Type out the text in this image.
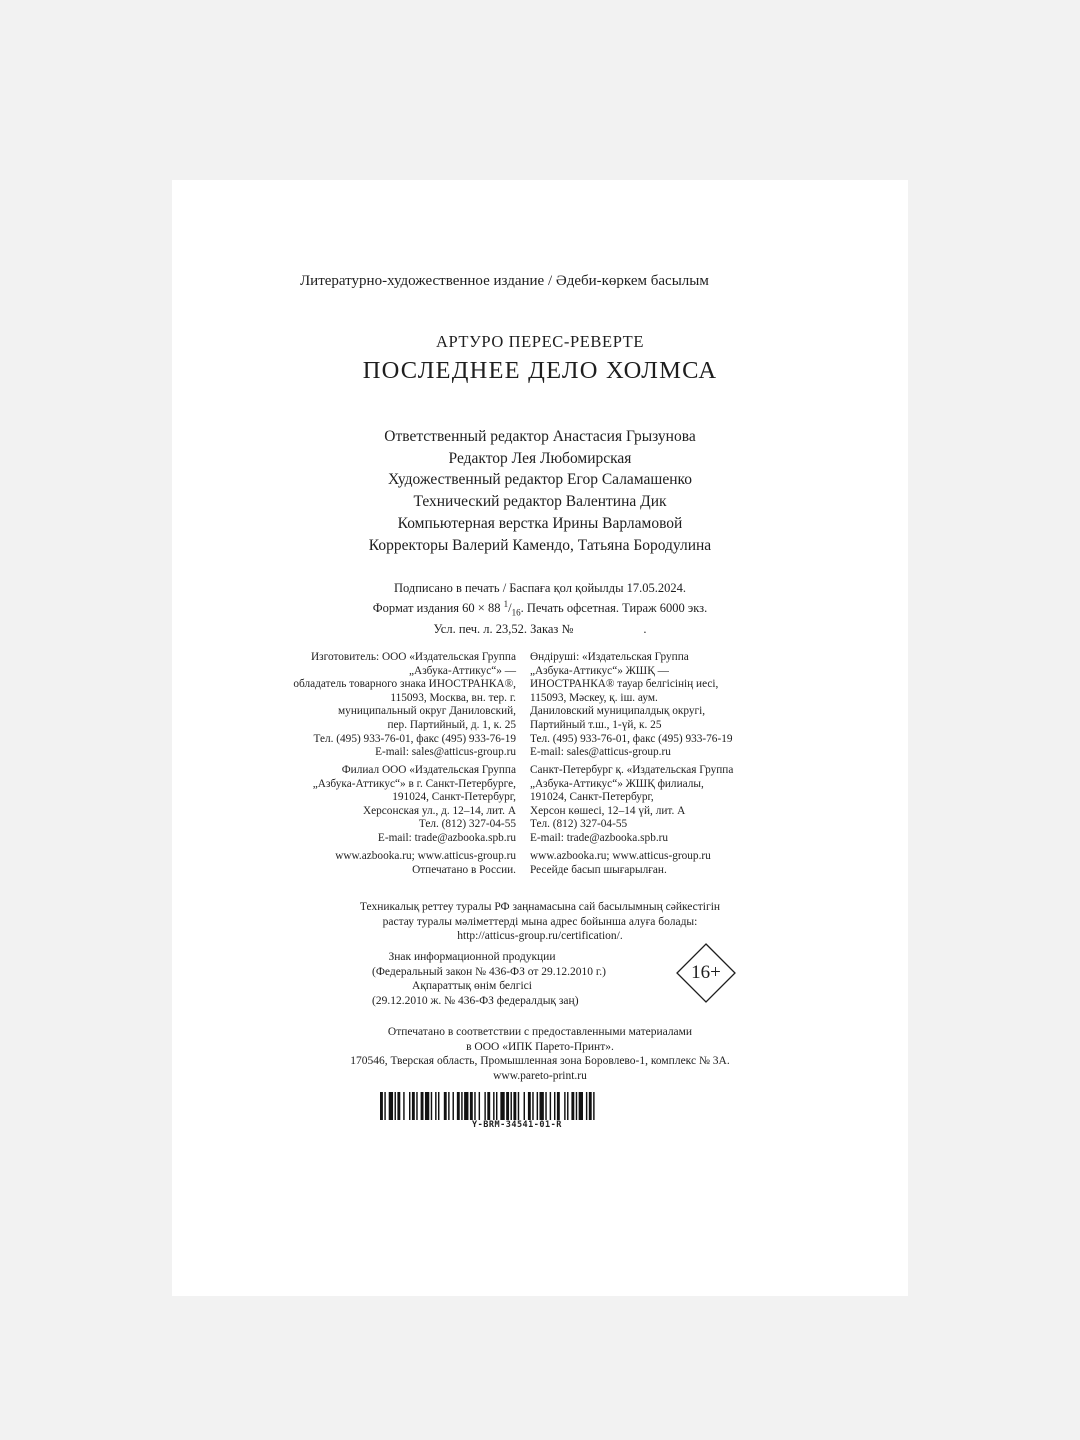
Литературно-художественное издание / Әдеби-көркем басылым
АРТУРО ПЕРЕС-РЕВЕРТЕ
ПОСЛЕДНЕЕ ДЕЛО ХОЛМСА
Ответственный редактор Анастасия Грызунова
Редактор Лея Любомирская
Художественный редактор Егор Саламашенко
Технический редактор Валентина Дик
Компьютерная верстка Ирины Варламовой
Корректоры Валерий Камендо, Татьяна Бородулина
Подписано в печать / Баспаға қол қойылды 17.05.2024.
Формат издания 60 × 88 $^1/_{16}$. Печать офсетная. Тираж 6000 экз.
Усл. печ. л. 23,52. Заказ №	.
Изготовитель: ООО «Издательская Группа
„Азбука-Аттикус“» —
обладатель товарного знака ИНОСТРАНКА®,
115093, Москва, вн. тер. г.
муниципальный округ Даниловский,
пер. Партийный, д. 1, к. 25
Тел. (495) 933-76-01, факс (495) 933-76-19
E-mail: sales@atticus-group.ru
Өндіруші: «Издательская Группа
„Азбука-Аттикус“» ЖШҚ —
ИНОСТРАНКА® тауар белгісінің иесі,
115093, Мәскеу, қ. іш. аум.
Даниловский муниципалдық округі,
Партийный т.ш., 1-үй, к. 25
Тел. (495) 933-76-01, факс (495) 933-76-19
E-mail: sales@atticus-group.ru
Филиал ООО «Издательская Группа
„Азбука-Аттикус“» в г. Санкт-Петербурге,
191024, Санкт-Петербург,
Херсонская ул., д. 12–14, лит. А
Тел. (812) 327-04-55
E-mail: trade@azbooka.spb.ru
Санкт-Петербург қ. «Издательская Группа
„Азбука-Аттикус“» ЖШҚ филиалы,
191024, Санкт-Петербург,
Херсон көшесі, 12–14 үй, лит. А
Тел. (812) 327-04-55
E-mail: trade@azbooka.spb.ru
www.azbooka.ru; www.atticus-group.ru
Отпечатано в России.
www.azbooka.ru; www.atticus-group.ru
Ресейде басып шығарылған.
Техникалық реттеу туралы РФ заңнамасына сай басылымның сәйкестігін
растау туралы мәліметтерді мына адрес бойынша алуға болады:
http://atticus-group.ru/certification/.
Знак информационной продукции
(Федеральный закон № 436-ФЗ от 29.12.2010 г.)
Ақпараттық өнім белгісі
(29.12.2010 ж. № 436-ФЗ федералдық заң)
16+
Отпечатано в соответствии с предоставленными материалами
в ООО «ИПК Парето-Принт».
170546, Тверская область, Промышленная зона Боровлево-1, комплекс № 3А.
www.pareto-print.ru
Y-BRM-34541-01-R
